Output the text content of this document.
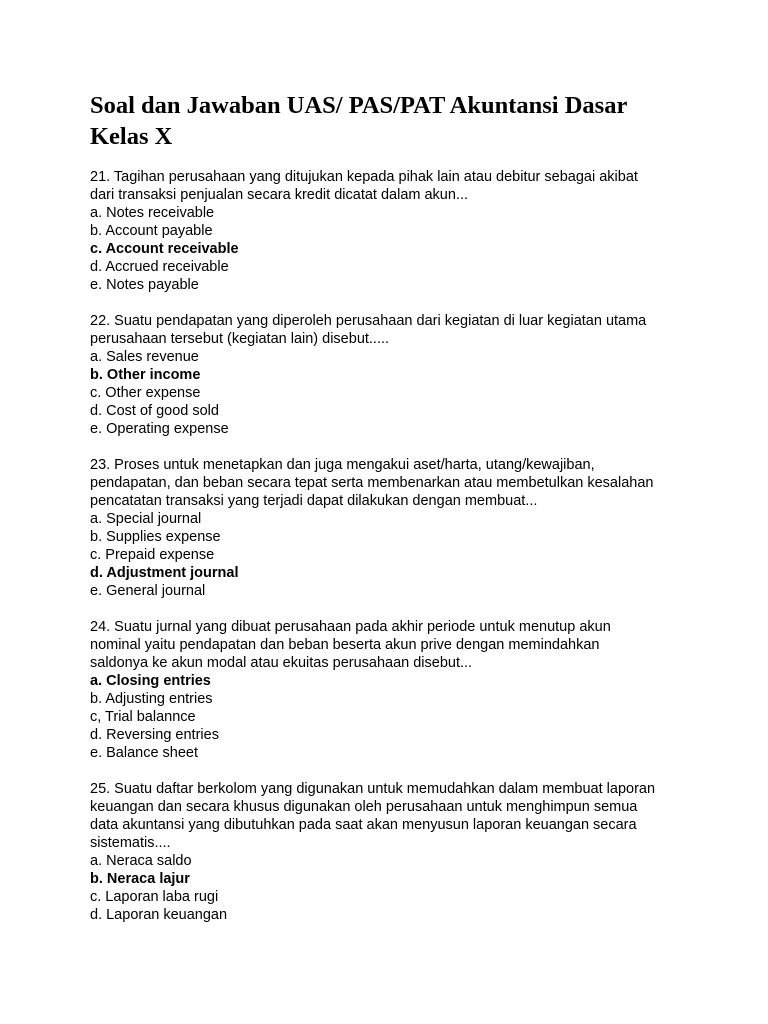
Soal dan Jawaban UAS/ PAS/PAT Akuntansi Dasar
Kelas X

21. Tagihan perusahaan yang ditujukan kepada pihak lain atau debitur sebagai akibat
dari transaksi penjualan secara kredit dicatat dalam akun...

a. Notes receivable
b. Account payable
c. Account receivable
d. Accrued receivable
e. Notes payable

22. Suatu pendapatan yang diperoleh perusahaan dari kegiatan di luar kegiatan utama
perusahaan tersebut (kegiatan lain) disebut.....

a. Sales revenue
b. Other income
c. Other expense
d. Cost of good sold
e. Operating expense

23. Proses untuk menetapkan dan juga mengakui aset/harta, utang/kewajiban,
pendapatan, dan beban secara tepat serta membenarkan atau membetulkan kesalahan
pencatatan transaksi yang terjadi dapat dilakukan dengan membuat...

a. Special journal
b. Supplies expense
c. Prepaid expense
d. Adjustment journal
e. General journal

24. Suatu jurnal yang dibuat perusahaan pada akhir periode untuk menutup akun
nominal yaitu pendapatan dan beban beserta akun prive dengan memindahkan
saldonya ke akun modal atau ekuitas perusahaan disebut...

a. Closing entries
b. Adjusting entries
c, Trial balannce
d. Reversing entries
e. Balance sheet

25. Suatu daftar berkolom yang digunakan untuk memudahkan dalam membuat laporan
keuangan dan secara khusus digunakan oleh perusahaan untuk menghimpun semua
data akuntansi yang dibutuhkan pada saat akan menyusun laporan keuangan secara
sistematis....

a. Neraca saldo
b. Neraca lajur
c. Laporan laba rugi
d. Laporan keuangan
